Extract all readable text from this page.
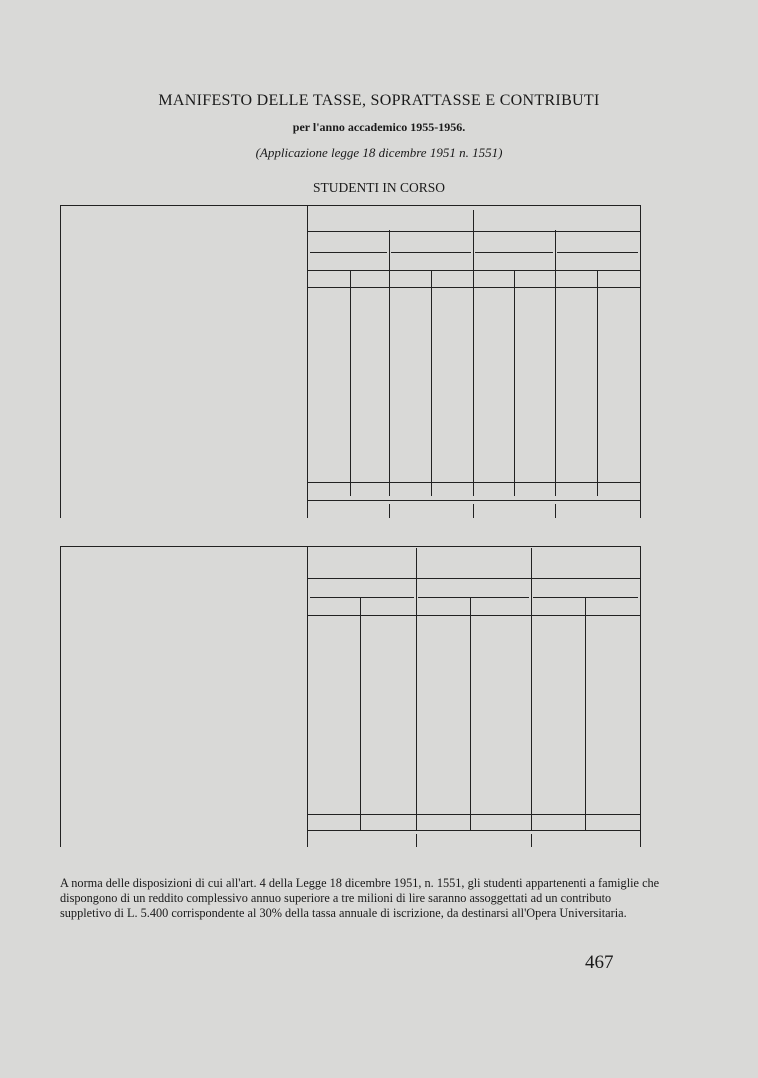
MANIFESTO DELLE TASSE, SOPRATTASSE E CONTRIBUTI
per l'anno accademico 1955-1956.
(Applicazione legge 18 dicembre 1951 n. 1551)
STUDENTI IN CORSO
A norma delle disposizioni di cui all'art. 4 della Legge 18 dicembre 1951, n. 1551, gli studenti appartenenti a famiglie che dispongono di un reddito complessivo annuo superiore a tre milioni di lire saranno assoggettati ad un contributo suppletivo di L. 5.400 corrispondente al 30% della tassa annuale di iscrizione, da destinarsi all'Opera Universitaria.
467
